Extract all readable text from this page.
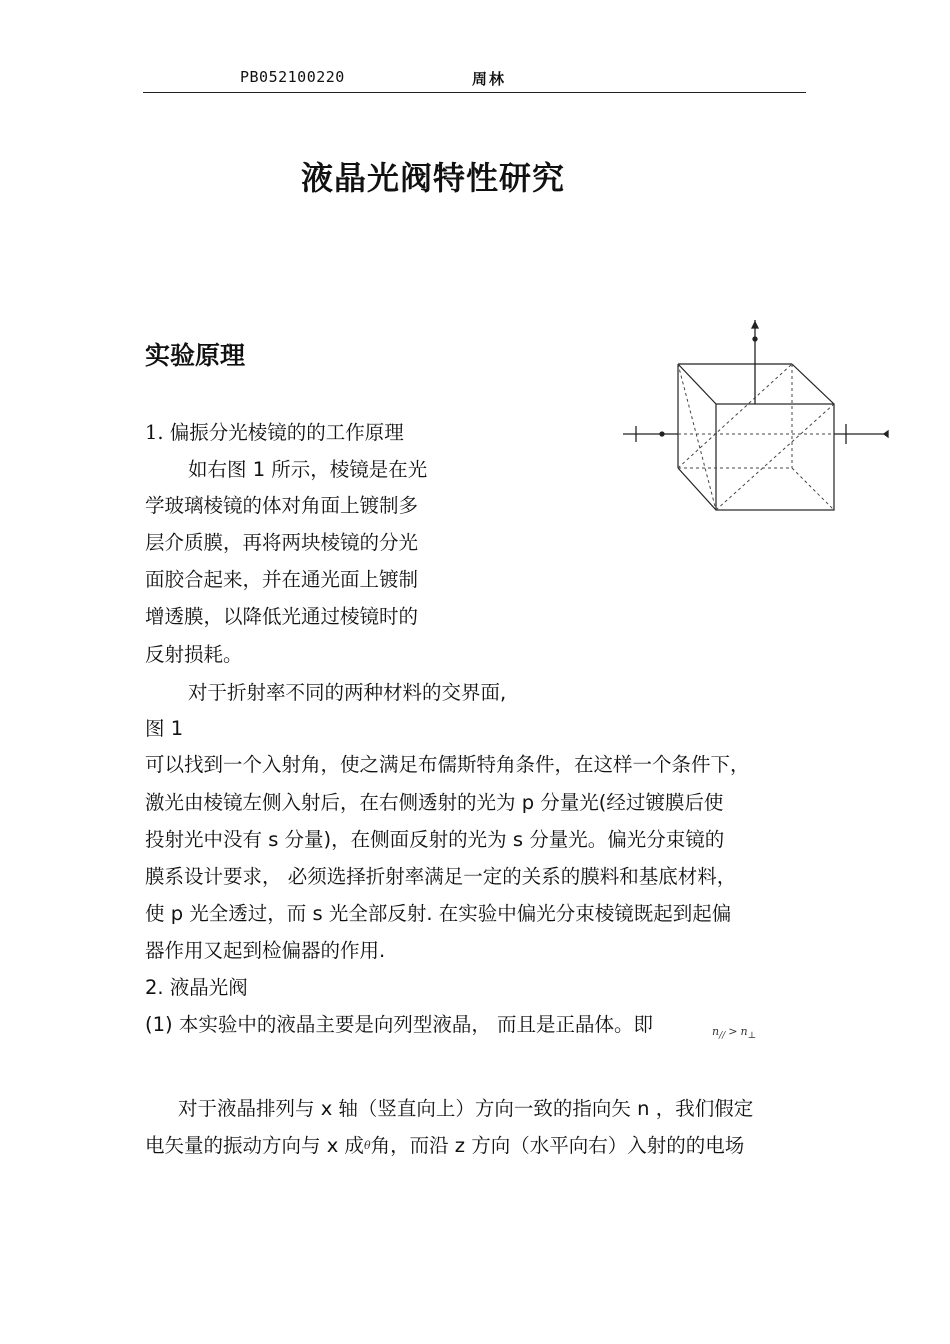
PB052100220	周林
液晶光阀特性研究
实验原理
1. 偏振分光棱镜的的工作原理
如右图 1 所示，棱镜是在光
学玻璃棱镜的体对角面上镀制多
层介质膜，再将两块棱镜的分光
面胶合起来，并在通光面上镀制
增透膜，以降低光通过棱镜时的
反射损耗。
对于折射率不同的两种材料的交界面,
图 1
可以找到一个入射角，使之满足布儒斯特角条件，在这样一个条件下，
激光由棱镜左侧入射后，在右侧透射的光为 p 分量光(经过镀膜后使
投射光中没有 s 分量)，在侧面反射的光为 s 分量光。偏光分束镜的
膜系设计要求， 必须选择折射率满足一定的关系的膜料和基底材料，
使 p 光全透过，而 s 光全部反射. 在实验中偏光分束棱镜既起到起偏
器作用又起到检偏器的作用.
2. 液晶光阀
(1) 本实验中的液晶主要是向列型液晶， 而且是正晶体。即	$n_{//} > n_\perp$
对于液晶排列与 x 轴（竖直向上）方向一致的指向矢 n ，我们假定
电矢量的振动方向与 x 成θ角，而沿 z 方向（水平向右）入射的的电场
